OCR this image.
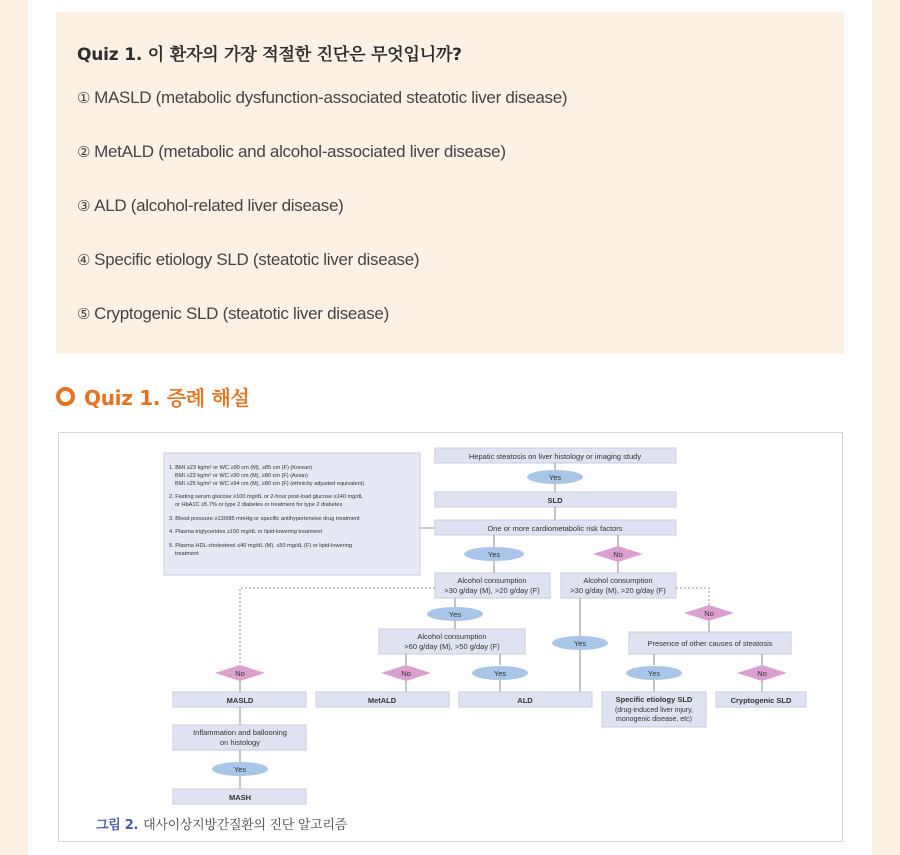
Quiz 1. 이 환자의 가장 적절한 진단은 무엇입니까?
① MASLD (metabolic dysfunction-associated steatotic liver disease)
② MetALD (metabolic and alcohol-associated liver disease)
③ ALD (alcohol-related liver disease)
④ Specific etiology SLD (steatotic liver disease)
⑤ Cryptogenic SLD (steatotic liver disease)
Quiz 1. 증례 해설
1. BMI ≥23 kg/m² or WC ≥90 cm (M), ≥85 cm (F) (Korean)
BMI ≥23 kg/m² or WC ≥90 cm (M), ≥80 cm (F) (Asian)
BMI ≥25 kg/m² or WC ≥94 cm (M), ≥80 cm (F) (ethnicity adjusted equivalent)
2. Fasting serum glucose ≥100 mg/dL or 2-hour post-load glucose ≥140 mg/dL
or HbA1C ≥5.7% or type 2 diabetes or treatment for type 2 diabetes
3. Blood pressure ≥130/85 mmHg or specific antihypertensive drug treatment
4. Plasma triglycerides ≥150 mg/dL or lipid-lowering treatment
5. Plasma HDL-cholesterol ≤40 mg/dL (M), ≤50 mg/dL (F) or lipid-lowering
treatment
Hepatic steatosis on liver histology or imaging study
Yes
SLD
One or more cardiometabolic risk factors
Yes	No
Alcohol consumption
>30 g/day (M), >20 g/day (F)
Alcohol consumption
>30 g/day (M), >20 g/day (F)
Yes
Alcohol consumption
>60 g/day (M), >50 g/day (F)
No	Yes
Yes
No
Presence of other causes of steatosis
Yes	No
No
MASLD	MetALD	ALD	Specific etiology SLD
(drug-induced liver injury,
monogenic disease, etc)
Cryptogenic SLD
Inflammation and ballooning
on histology
Yes
MASH
그림 2. 대사이상지방간질환의 진단 알고리즘
